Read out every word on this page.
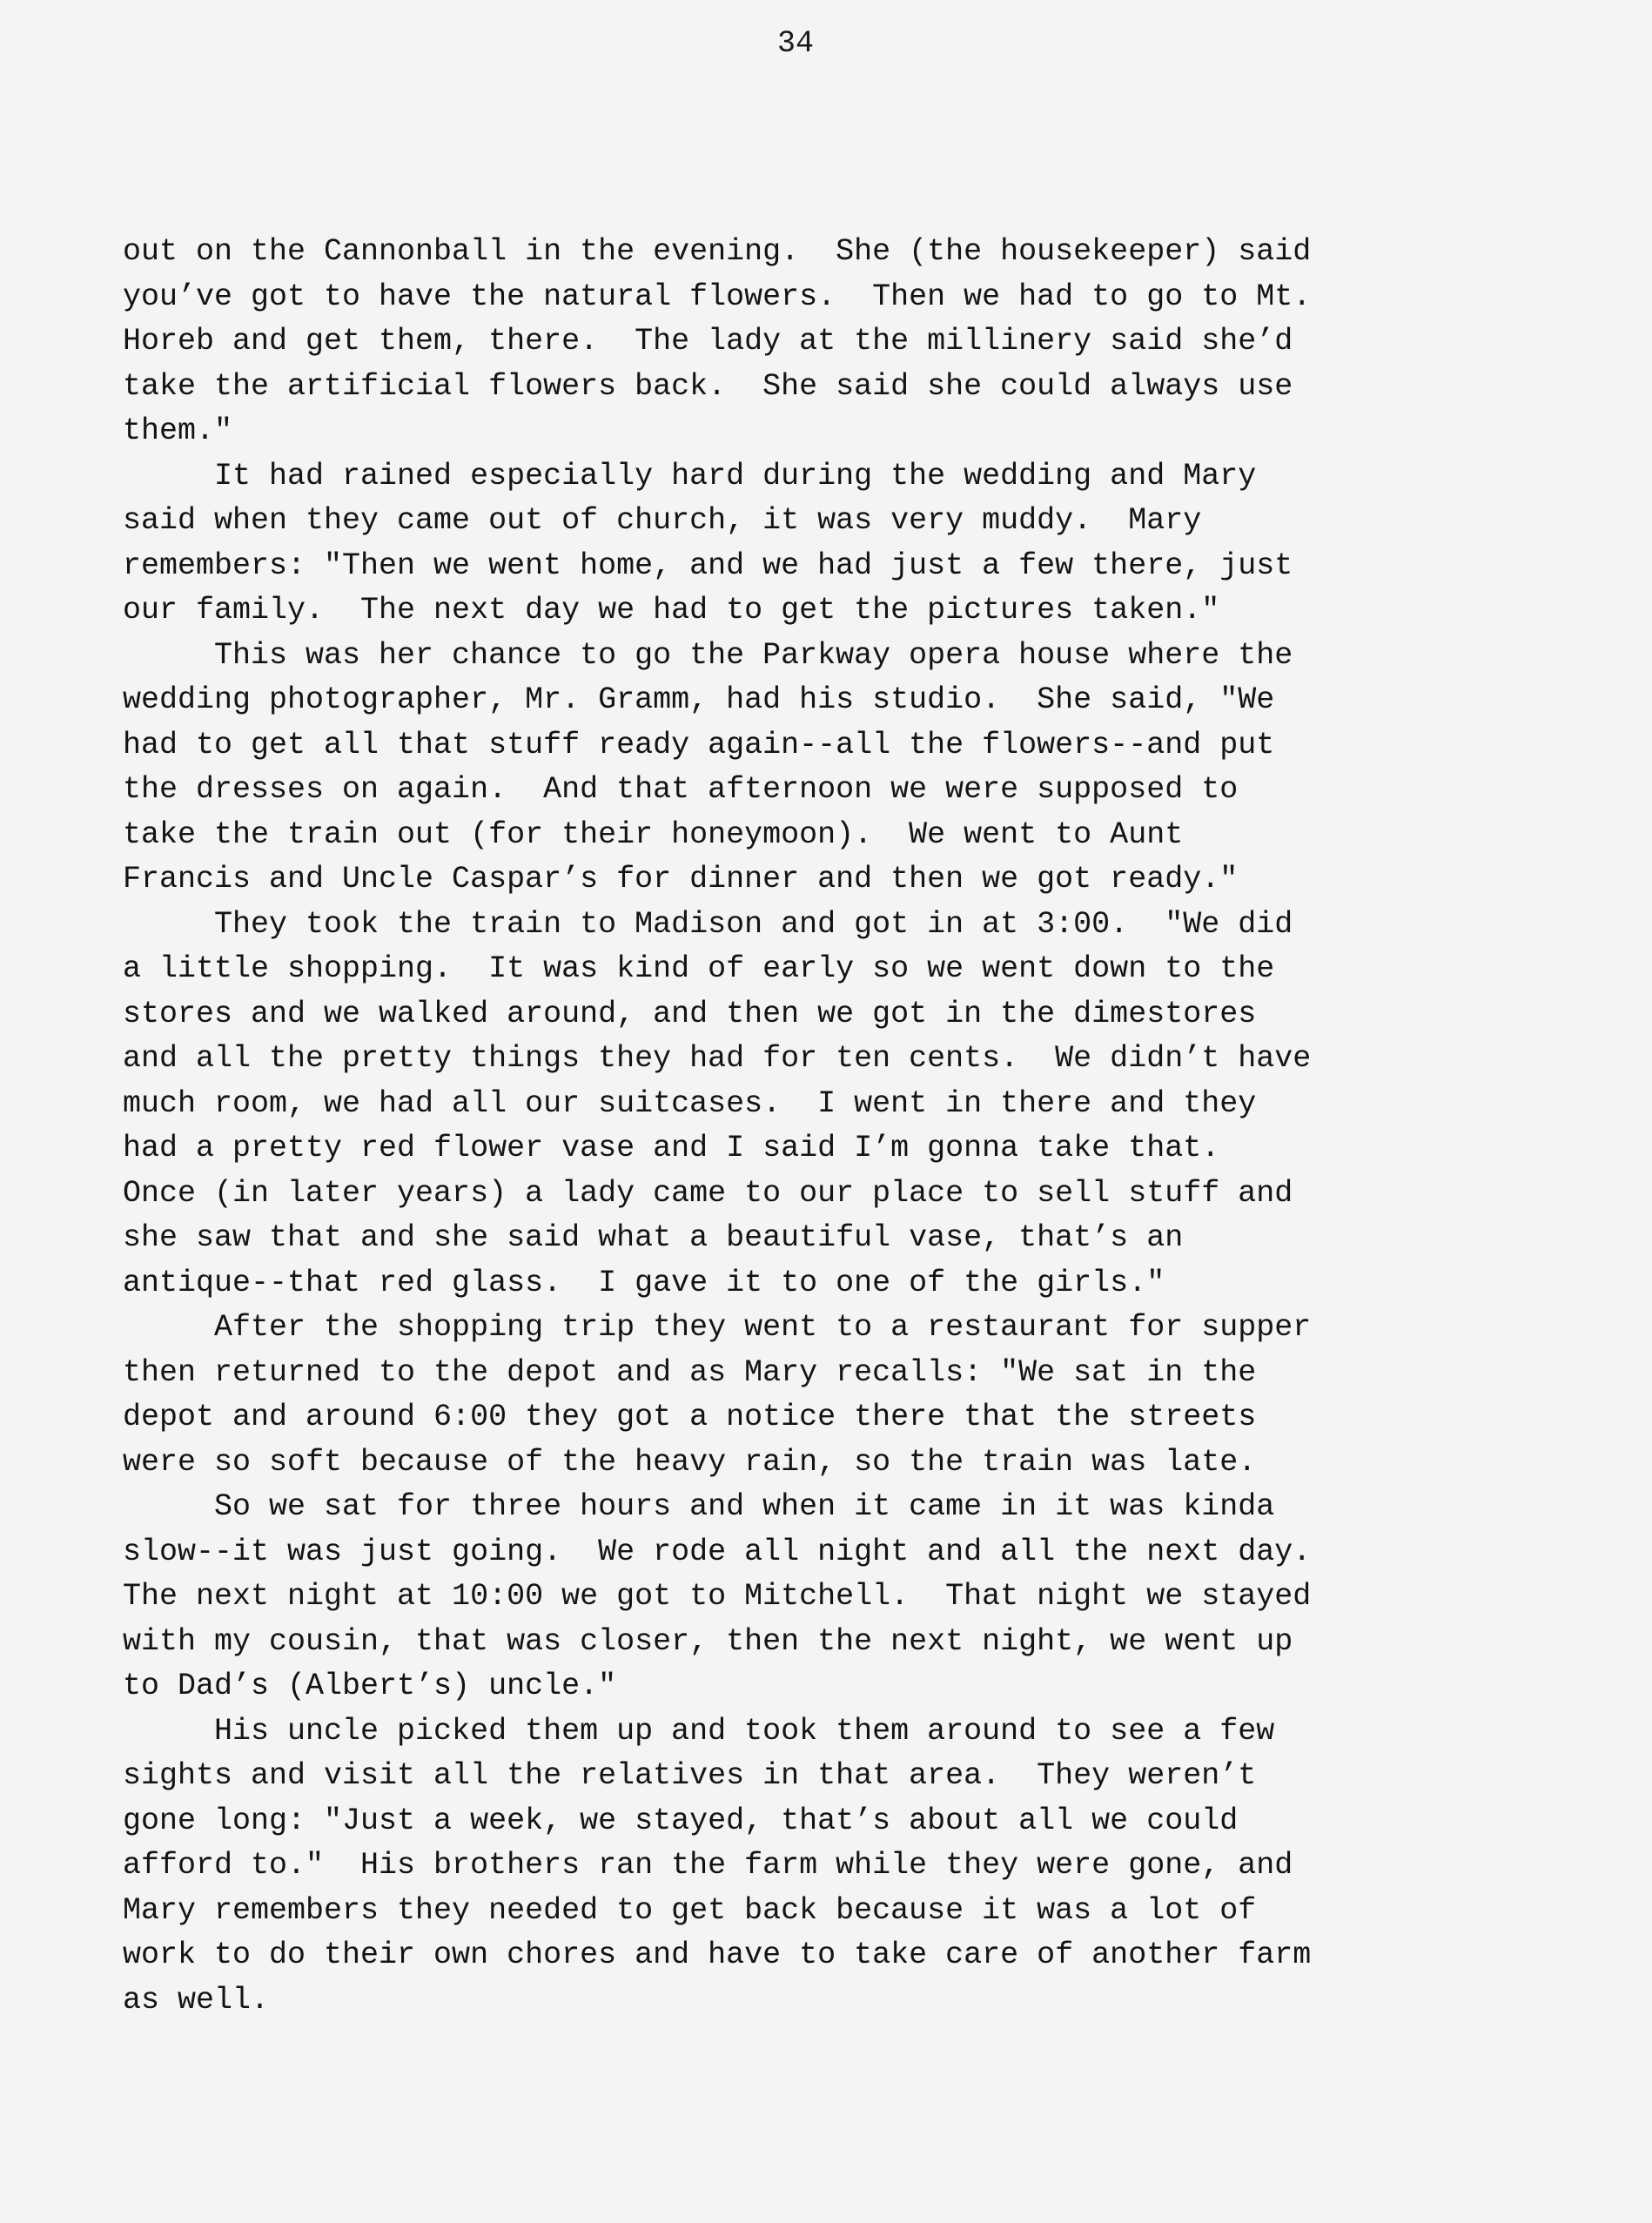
34
out on the Cannonball in the evening.  She (the housekeeper) said
you’ve got to have the natural flowers.  Then we had to go to Mt.
Horeb and get them, there.  The lady at the millinery said she’d
take the artificial flowers back.  She said she could always use
them."
It had rained especially hard during the wedding and Mary
said when they came out of church, it was very muddy.  Mary
remembers: "Then we went home, and we had just a few there, just
our family.  The next day we had to get the pictures taken."
This was her chance to go the Parkway opera house where the
wedding photographer, Mr. Gramm, had his studio.  She said, "We
had to get all that stuff ready again--all the flowers--and put
the dresses on again.  And that afternoon we were supposed to
take the train out (for their honeymoon).  We went to Aunt
Francis and Uncle Caspar’s for dinner and then we got ready."
They took the train to Madison and got in at 3:00.  "We did
a little shopping.  It was kind of early so we went down to the
stores and we walked around, and then we got in the dimestores
and all the pretty things they had for ten cents.  We didn’t have
much room, we had all our suitcases.  I went in there and they
had a pretty red flower vase and I said I’m gonna take that.
Once (in later years) a lady came to our place to sell stuff and
she saw that and she said what a beautiful vase, that’s an
antique--that red glass.  I gave it to one of the girls."
After the shopping trip they went to a restaurant for supper
then returned to the depot and as Mary recalls: "We sat in the
depot and around 6:00 they got a notice there that the streets
were so soft because of the heavy rain, so the train was late.
So we sat for three hours and when it came in it was kinda
slow--it was just going.  We rode all night and all the next day.
The next night at 10:00 we got to Mitchell.  That night we stayed
with my cousin, that was closer, then the next night, we went up
to Dad’s (Albert’s) uncle."
His uncle picked them up and took them around to see a few
sights and visit all the relatives in that area.  They weren’t
gone long: "Just a week, we stayed, that’s about all we could
afford to."  His brothers ran the farm while they were gone, and
Mary remembers they needed to get back because it was a lot of
work to do their own chores and have to take care of another farm
as well.
